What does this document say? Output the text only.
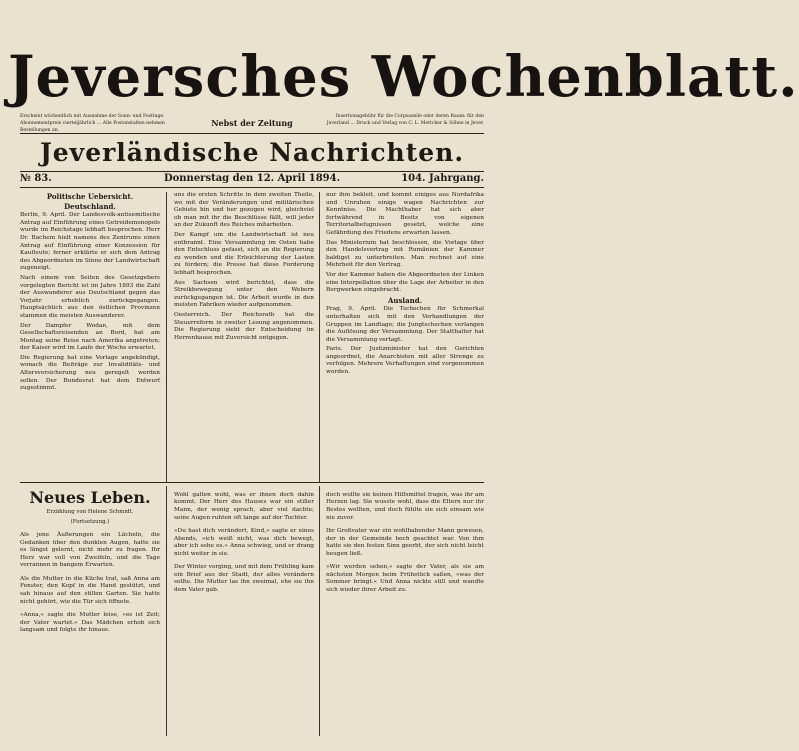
Jeversches Wochenblatt.
Erscheint wöchentlich mit Ausnahme der Sonn- und Festtage. Abonnementpreis vierteljährlich ... Alle Postanstalten nehmen Bestellungen an.
Nebst der Zeitung
Insertionsgebühr für die Corpuszeile oder deren Raum: für den Jeverland ... Druck und Verlag von C. L. Mettcker & Söhne in Jever.
Jeverländische Nachrichten.
№ 83.	Donnerstag den 12. April 1894.	104. Jahrgang.
Politische Uebersicht.
Deutschland.

Berlin, 9. April. Der Landesvolk-antisemitische Antrag auf Einführung eines Getreidemonopols wurde im Reichstage lebhaft besprochen. Herr Dr. Bachem hielt namens des Zentrums einen Antrag auf Einführung einer Konzession für Kaufleute; ferner erklärte er sich dem Antrag des Abgeordneten im Sinne der Landwirtschaft zugeneigt.

Nach einem von Seiten des Gesetzgebers vorgelegten Bericht ist im Jahre 1893 die Zahl der Auswanderer aus Deutschland gegen das Vorjahr erheblich zurückgegangen. Hauptsächlich aus den östlichen Provinzen stammen die meisten Auswanderer.

Der Dampfer Wodan, mit dem Gesellschaftsreisenden an Bord, hat am Montag seine Reise nach Amerika angetreten; der Kaiser wird im Laufe der Woche erwartet.

Die Regierung hat eine Vorlage angekündigt, wonach die Beiträge zur Invaliditäts- und Altersversicherung neu geregelt werden sollen. Der Bundesrat hat dem Entwurf zugestimmt.

uns die ersten Schritte in dem zweiten Theile, wo mit der Veränderungen und militärischen Gebiete hin und her gezogen wird, gleichviel ob man mit ihr die Beschlüsse fällt, will jeder an der Zukunft des Reiches mitarbeiten.

Der Kampf um die Landwirtschaft ist neu entbrannt. Eine Versammlung im Osten habe den Entschluss gefasst, sich an die Regierung zu wenden und die Erleichterung der Lasten zu fordern; die Presse hat diese Forderung lebhaft besprochen.

Aus Sachsen wird berichtet, dass die Streikbewegung unter den Webern zurückgegangen ist. Die Arbeit wurde in den meisten Fabriken wieder aufgenommen.

Oesterreich. Der Reichsrath hat die Steuerreform in zweiter Lesung angenommen. Die Regierung sieht der Entscheidung im Herrenhause mit Zuversicht entgegen.

nur ihm bekleit, und kommt einiges aus Nordafrika und Unruhen einige wagen Nachrichten zur Kenntniss. Die Machthaber hat sich aber fortwährend in Besitz von eigenen Territorialbefugnissen gesetzt, welche eine Gefährdung des Friedens erwarten lassen.

Das Ministerium hat beschlossen, die Vorlage über den Handelsvertrag mit Rumänien der Kammer baldigst zu unterbreiten. Man rechnet auf eine Mehrheit für den Vertrag.

Vor der Kammer haben die Abgeordneten der Linken eine Interpellation über die Lage der Arbeiter in den Bergwerken eingebracht.

Ausland.

Prag, 9. April. Die Tschechen für Schmerkal unterhalten sich mit den Verhandlungen der Gruppen im Landtage; die Jungtschechen verlangen die Auflösung der Versammlung. Der Statthalter hat die Versammlung vertagt.

Paris. Der Justizminister hat den Gerichten angeordnet, die Anarchisten mit aller Strenge zu verfolgen. Mehrere Verhaftungen sind vorgenommen worden.

Neues Leben.
Erzählung von Helene Schmidt.
(Fortsetzung.)

Als jene Äußerungen ein Lächeln, die Gedanken über den dunklen Augen, hatte sie es längst gelernt, nicht mehr zu fragen. Ihr Herz war voll von Zweifeln, und die Tage verrannen in bangem Erwarten.

Als die Mutter in die Küche trat, saß Anna am Fenster, den Kopf in die Hand gestützt, und sah hinaus auf den stillen Garten. Sie hatte nicht gehört, wie die Tür sich öffnete.

»Anna,« sagte die Mutter leise, »es ist Zeit; der Vater wartet.« Das Mädchen erhob sich langsam und folgte ihr hinaus.

Wohl galten wohl, was er ihnen doch dahin kommt. Der Herr des Hauses war ein stiller Mann, der wenig sprach, aber viel dachte; seine Augen ruhten oft lange auf der Tochter.

»Du hast dich verändert, Kind,« sagte er eines Abends, »ich weiß nicht, was dich bewegt, aber ich sehe es.« Anna schwieg, und er drang nicht weiter in sie.

Der Winter verging, und mit dem Frühling kam ein Brief aus der Stadt, der alles verändern sollte. Die Mutter las ihn zweimal, ehe sie ihn dem Vater gab.

doch wollte sie keinen Hilfsmittel fragen, was ihr am Herzen lag. Sie wusste wohl, dass die Eltern nur ihr Bestes wollten, und doch fühlte sie sich einsam wie nie zuvor.

Ihr Großvater war ein wohlhabender Mann gewesen, der in der Gemeinde hoch geachtet war. Von ihm hatte sie den festen Sinn geerbt, der sich nicht leicht beugen ließ.

»Wir werden sehen,« sagte der Vater, als sie am nächsten Morgen beim Frühstück saßen, »was der Sommer bringt.« Und Anna nickte still und wandte sich wieder ihrer Arbeit zu.
